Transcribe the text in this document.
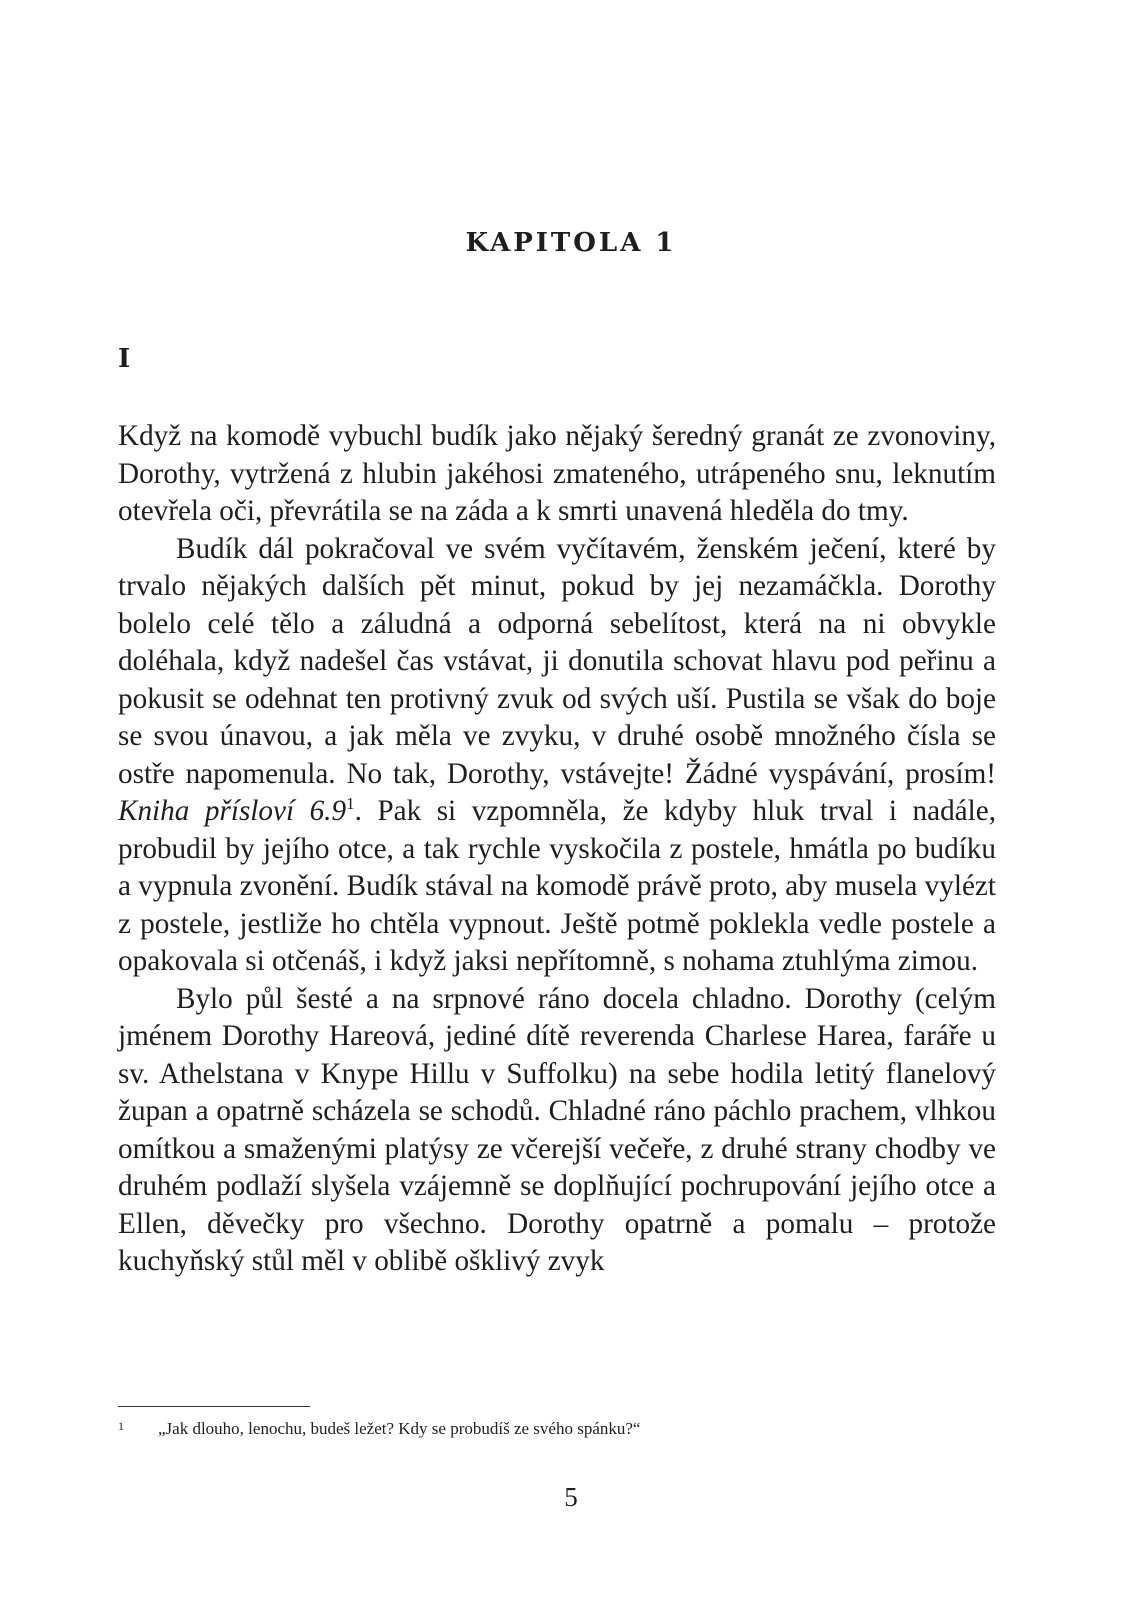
KAPITOLA 1
I

Když na komodě vybuchl budík jako nějaký šeredný granát ze zvonoviny, Dorothy, vytržená z hlubin jakéhosi zmateného, utrápeného snu, leknutím otevřela oči, převrátila se na záda a k smrti unavená hleděla do tmy.

Budík dál pokračoval ve svém vyčítavém, ženském ječení, které by trvalo nějakých dalších pět minut, pokud by jej nezamáčkla. Dorothy bolelo celé tělo a záludná a odporná sebelítost, která na ni obvykle doléhala, když nadešel čas vstávat, ji donutila schovat hlavu pod peřinu a pokusit se odehnat ten protivný zvuk od svých uší. Pustila se však do boje se svou únavou, a jak měla ve zvyku, v druhé osobě množného čísla se ostře napomenula. No tak, Dorothy, vstávejte! Žádné vyspávání, prosím! Kniha přísloví $6.9^1$. Pak si vzpomněla, že kdyby hluk trval i nadále, probudil by jejího otce, a tak rychle vyskočila z postele, hmátla po budíku a vypnula zvonění. Budík stával na komodě právě proto, aby musela vylézt z postele, jestliže ho chtěla vypnout. Ještě potmě poklekla vedle postele a opakovala si otčenáš, i když jaksi nepřítomně, s nohama ztuhlýma zimou.

Bylo půl šesté a na srpnové ráno docela chladno. Dorothy (celým jménem Dorothy Hareová, jediné dítě reverenda Charlese Harea, faráře u sv. Athelstana v Knype Hillu v Suffolku) na sebe hodila letitý flanelový župan a opatrně scházela se schodů. Chladné ráno páchlo prachem, vlhkou omítkou a smaženými platýsy ze včerejší večeře, z druhé strany chodby ve druhém podlaží slyšela vzájemně se doplňující pochrupování jejího otce a Ellen, děvečky pro všechno. Dorothy opatrně a pomalu – protože kuchyňský stůl měl v oblibě ošklivý zvyk

1 „Jak dlouho, lenochu, budeš ležet? Kdy se probudíš ze svého spánku?“

5
